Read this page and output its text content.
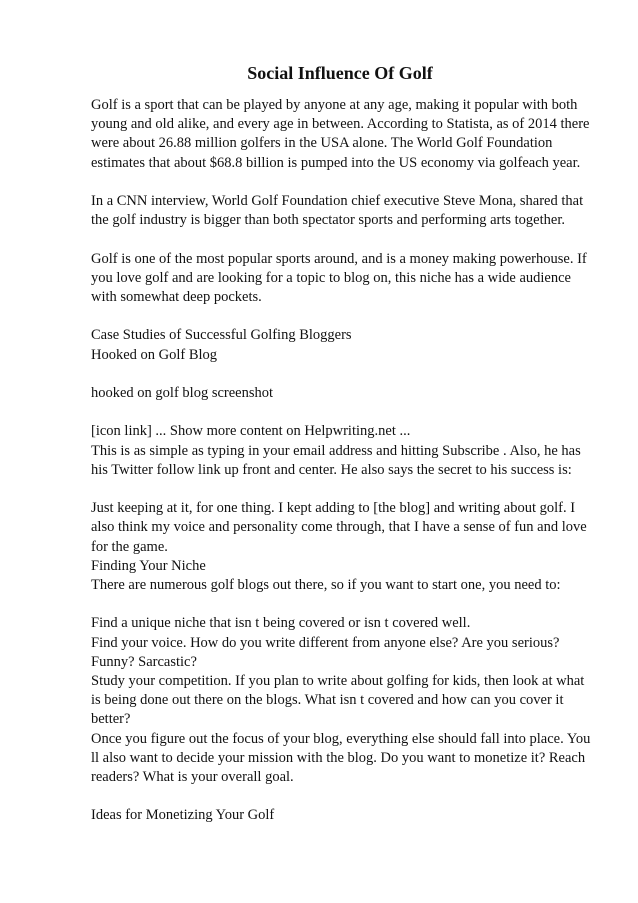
Social Influence Of Golf

Golf is a sport that can be played by anyone at any age, making it popular with both young and old alike, and every age in between. According to Statista, as of 2014 there were about 26.88 million golfers in the USA alone. The World Golf Foundation estimates that about $68.8 billion is pumped into the US economy via golfeach year.

In a CNN interview, World Golf Foundation chief executive Steve Mona, shared that the golf industry is bigger than both spectator sports and performing arts together.

Golf is one of the most popular sports around, and is a money making powerhouse. If you love golf and are looking for a topic to blog on, this niche has a wide audience with somewhat deep pockets.

Case Studies of Successful Golfing Bloggers

Hooked on Golf Blog

hooked on golf blog screenshot

[icon link] ... Show more content on Helpwriting.net ...

This is as simple as typing in your email address and hitting Subscribe . Also, he has his Twitter follow link up front and center. He also says the secret to his success is:

Just keeping at it, for one thing. I kept adding to [the blog] and writing about golf. I also think my voice and personality come through, that I have a sense of fun and love for the game.

Finding Your Niche

There are numerous golf blogs out there, so if you want to start one, you need to:

Find a unique niche that isn t being covered or isn t covered well.

Find your voice. How do you write different from anyone else? Are you serious? Funny? Sarcastic?

Study your competition. If you plan to write about golfing for kids, then look at what is being done out there on the blogs. What isn t covered and how can you cover it better?

Once you figure out the focus of your blog, everything else should fall into place. You ll also want to decide your mission with the blog. Do you want to monetize it? Reach readers? What is your overall goal.

Ideas for Monetizing Your Golf
